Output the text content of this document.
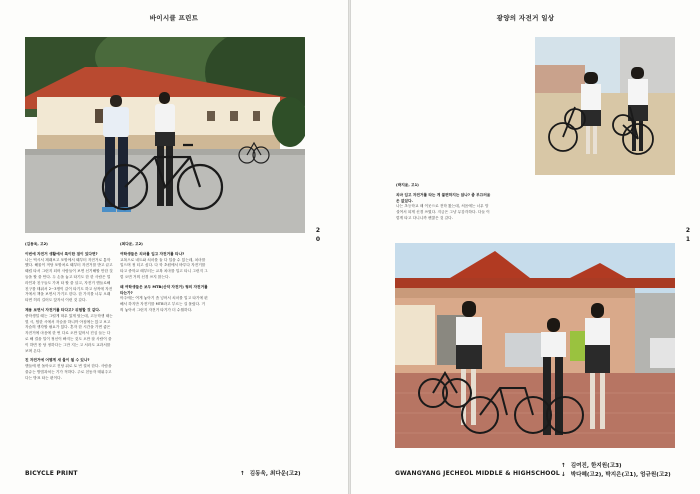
바이시클 프린트
2
0
(김동욱, 고2)
이번에 자전거 생활에서 특이한 점이 있다면?
나는 역시서 재래보고 포항에서 왜부터 자전거로 통학했다. 해물이 적당 포항처로 왜부터 자전거를 받고 끝고 왜럽 타서 그런지 되어 사람들이 보면 신기해할 만한 것들을 할 줄 안다. 두 손을 놓고 타기도 한 한 사람은 얼라인과 친구들도 가져 타 할 줄 알고, 자전거 핸들로해 친구를 태워서 2~3명이 같이 타기도 하고 성적에 자전거에서 책을 보면서 가기도 한다. 한 가지를 너무 오래 타면 허리 길어도 앉자서 이런 것 같다.
제용 보면서 자전거를 타다고? 위험할 것 같다.
중학생일 때는 그럴게 따무 있게 탔는데, 고등학생 때는 몇 시, 엄한 시에서 자습을 하니까 아침에는 앉고 보고 자습의 생각할 필요가 있다. 혼자 한 시간을 가면 좋은 자전거에 마음에 한 번 다로 오만 있어서 진심 들는 다로 해 결을 일이 정신이 빠지는 것도 오만 잘 사람이 줄이 하면 몸 당 정하다는 그만 지는 고 서라도 교과서를 보며 온다.
친 자전거에 어떻게 새 물이 될 수 있나?
핸들에 변 돌아오고 진당 위로 토 번 결처 한다. 사람을 줄쥬는 방법과처는 기가 적하다. 주로 친동자 태워주고 다는 방표 타는 편이다.
(최다운, 고2)
여학생들은 치마를 입고 자전거를 타나?
교복으로 네트와 치마를 둘 다 입을 수 있는데, 치마를 입으며 정 티고 싶다. 다 학 초원에서 바투다 자전거를 타고 중학교 때부터는 교복 치마를 입고 타니 그런지 그렇 오면 거의 신경 쓰지 않는다.
왜 여학생들은 보두 MTB(산악 자전거) 형의 자전거를 타는가?
아주에는 여게 놓아기 좀 넣어서 치마를 입고 타기에 편해서 하지만 자전거를 MTB라고 부르는 걸 몰랐다. 거의 놓아서 그런지 자전거 타기가 더 수월하다.
BICYCLE PRINT	↑ 김동욱, 최다운(고2)
광양의 자전거 일상
(박지윤, 고1)
치마 입고 자전거를 타는 게 불편하지는 않나? 좀 부끄러움은 없었다.
나는 초등학교 때 이곳으로 전학 왔는데, 처음에는 너무 망설여서 되게 신경 쓰였다. 지금은 그냥 무감각하다. 다들 이렇게 타고 다니니까 괜찮은 것 같다.
2
1
GWANGYANG JECHEOL MIDDLE & HIGHSCHOOL
↑ 김여진, 한지원(고3)
↓ 박다혜(고2), 박지은(고1), 엄규원(고2)
